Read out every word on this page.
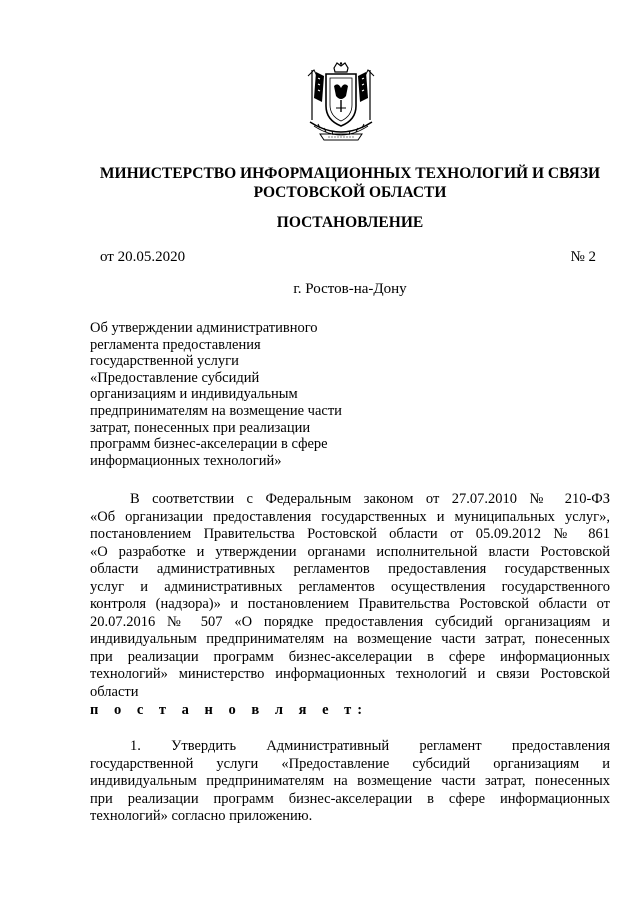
МИНИСТЕРСТВО ИНФОРМАЦИОННЫХ ТЕХНОЛОГИЙ И СВЯЗИ
РОСТОВСКОЙ ОБЛАСТИ
ПОСТАНОВЛЕНИЕ
от 20.05.2020	№ 2
г. Ростов-на-Дону
Об утверждении административного
регламента предоставления
государственной услуги
«Предоставление субсидий
организациям и индивидуальным
предпринимателям на возмещение части
затрат, понесенных при реализации
программ бизнес-акселерации в сфере
информационных технологий»
В соответствии с Федеральным законом от 27.07.2010 № 210-ФЗ
«Об организации предоставления государственных и муниципальных услуг»,
постановлением Правительства Ростовской области от 05.09.2012 № 861
«О разработке и утверждении органами исполнительной власти Ростовской
области административных регламентов предоставления государственных
услуг и административных регламентов осуществления государственного
контроля (надзора)» и постановлением Правительства Ростовской области от
20.07.2016 № 507 «О порядке предоставления субсидий организациям и
индивидуальным предпринимателям на возмещение части затрат, понесенных
при реализации программ бизнес-акселерации в сфере информационных
технологий» министерство информационных технологий и связи Ростовской
области
п о с т а н о в л я е т:
1. Утвердить Административный регламент предоставления
государственной услуги «Предоставление субсидий организациям и
индивидуальным предпринимателям на возмещение части затрат, понесенных
при реализации программ бизнес-акселерации в сфере информационных
технологий» согласно приложению.
